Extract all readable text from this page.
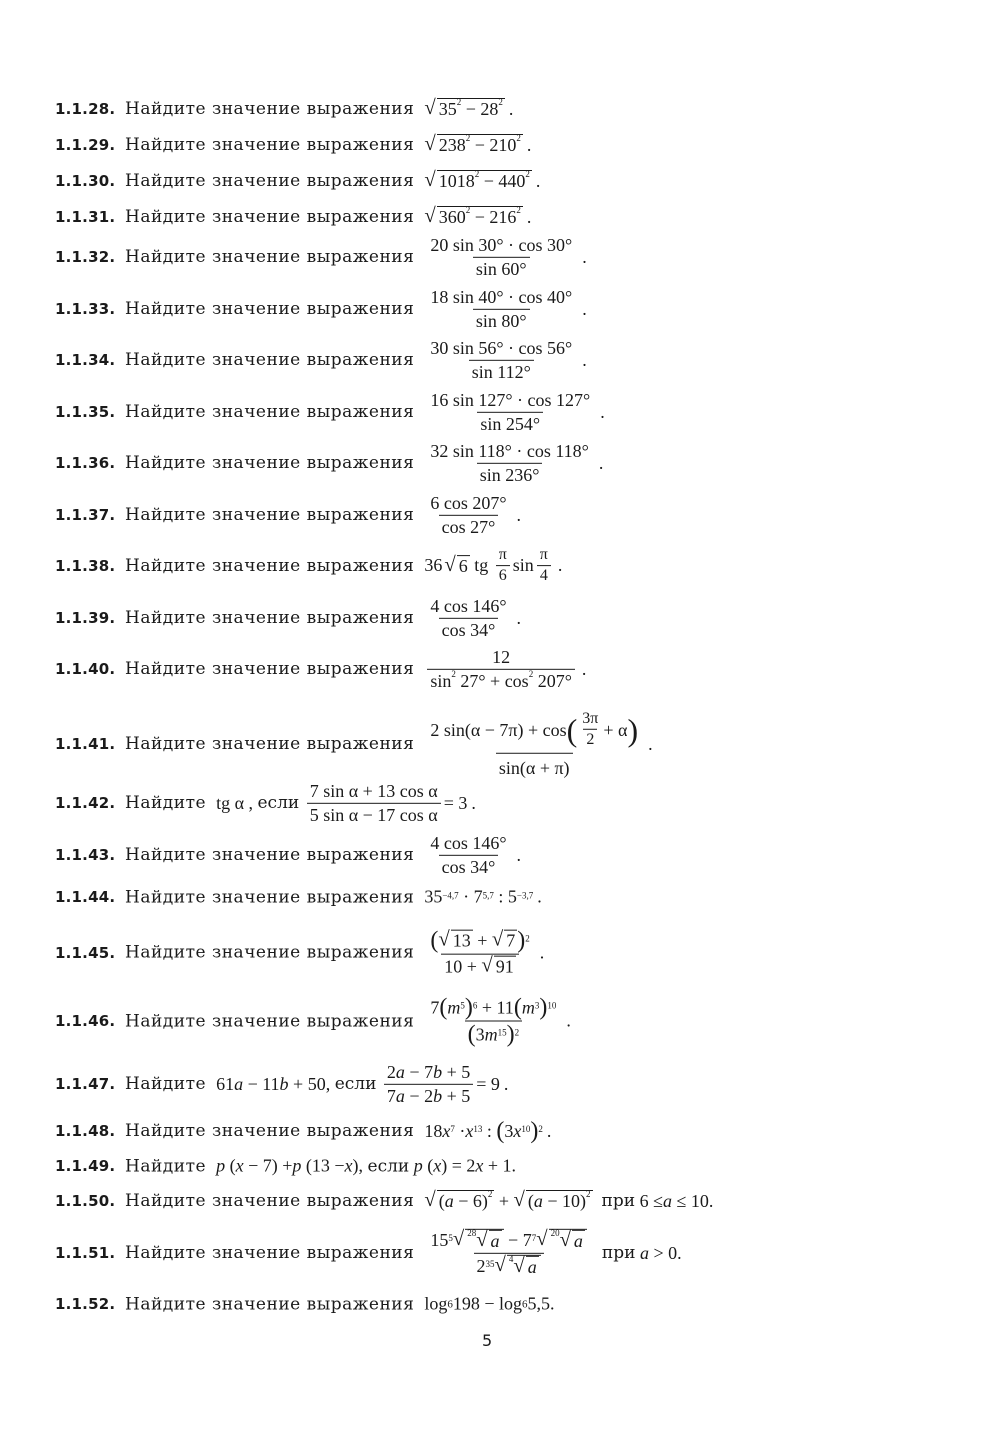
1.1.28. Найдите значение выражения √ $35^2 - 28^2$ .
1.1.29. Найдите значение выражения √ $238^2 - 210^2$ .
1.1.30. Найдите значение выражения √ $1018^2 - 440^2$ .
1.1.31. Найдите значение выражения √ $360^2 - 216^2$ .
1.1.32. Найдите значение выражения $\frac{20 \sin 30^\circ \cdot \cos 30^\circ}{\sin 60^\circ}$ .
1.1.33. Найдите значение выражения $\frac{18 \sin 40^\circ \cdot \cos 40^\circ}{\sin 80^\circ}$ .
1.1.34. Найдите значение выражения $\frac{30 \sin 56^\circ \cdot \cos 56^\circ}{\sin 112^\circ}$ .
1.1.35. Найдите значение выражения $\frac{16 \sin 127^\circ \cdot \cos 127^\circ}{\sin 254^\circ}$ .
1.1.36. Найдите значение выражения $\frac{32 \sin 118^\circ \cdot \cos 118^\circ}{\sin 236^\circ}$ .
1.1.37. Найдите значение выражения $\frac{6 \cos 207^\circ}{\cos 27^\circ}$ .
1.1.38. Найдите значение выражения 36 √ 6 tg $\frac{\pi}{6}$ $\sin \frac{\pi}{4}$ .
1.1.39. Найдите значение выражения $\frac{4 \cos 146^\circ}{\cos 34^\circ}$ .
1.1.40. Найдите значение выражения $\frac{12}{\sin^2 27^\circ + \cos^2 207^\circ}$ .
1.1.41. Найдите значение выражения $\frac{2 \sin(\alpha - 7\pi) + \cos ( \frac{3\pi}{2} + \alpha )}{\sin(\alpha + \pi)}$ .
1.1.42. Найдите tg α , если
$\frac{\text{7 sin α + 13 cos α}}{\text{5 sin α − 17 cos α}} = 3$ .
1.1.43. Найдите значение выражения $\frac{4 \cos 146^\circ}{\cos 34^\circ}$ .
1.1.44. Найдите значение выражения $35^{-4,7} \cdot 7^{5,7}$ : $5^{-3,7}$ .
1.1.45. Найдите значение выражения $\frac{( √ 13 + √ 7 )^2}{10 + √ 91}$ .
1.1.46. Найдите значение выражения $\frac{7 ( m^5 )^6 + 11 ( m^3 )^{10}}{( 3 m^{15} )^2}$ .
1.1.47. Найдите 61 a − 11 b + 50, если
$\frac{2a - 7b + 5}{7a - 2b + 5} = 9$ .
1.1.48. Найдите значение выражения 18 $x^7 \cdot x^{13}$ : ( 3 $x^{10}$ )$^2$ .
1.1.49. Найдите p ( x − 7) + p (13 − x ), если
p ( x ) = 2 x + 1.
1.1.50. Найдите значение выражения √ $(a - 6)^2$ + √ $(a - 10)^2$
при 6 ≤ a ≤ 10.
1.1.51. Найдите значение выражения $\frac{15^5 √ ^{28} √ a - 7^7 √ ^{20} √ a}{2^{35} √ ^4 √ a}$
при
a > 0.
1.1.52. Найдите значение выражения log 6 198 − log 6 5,5.
5
